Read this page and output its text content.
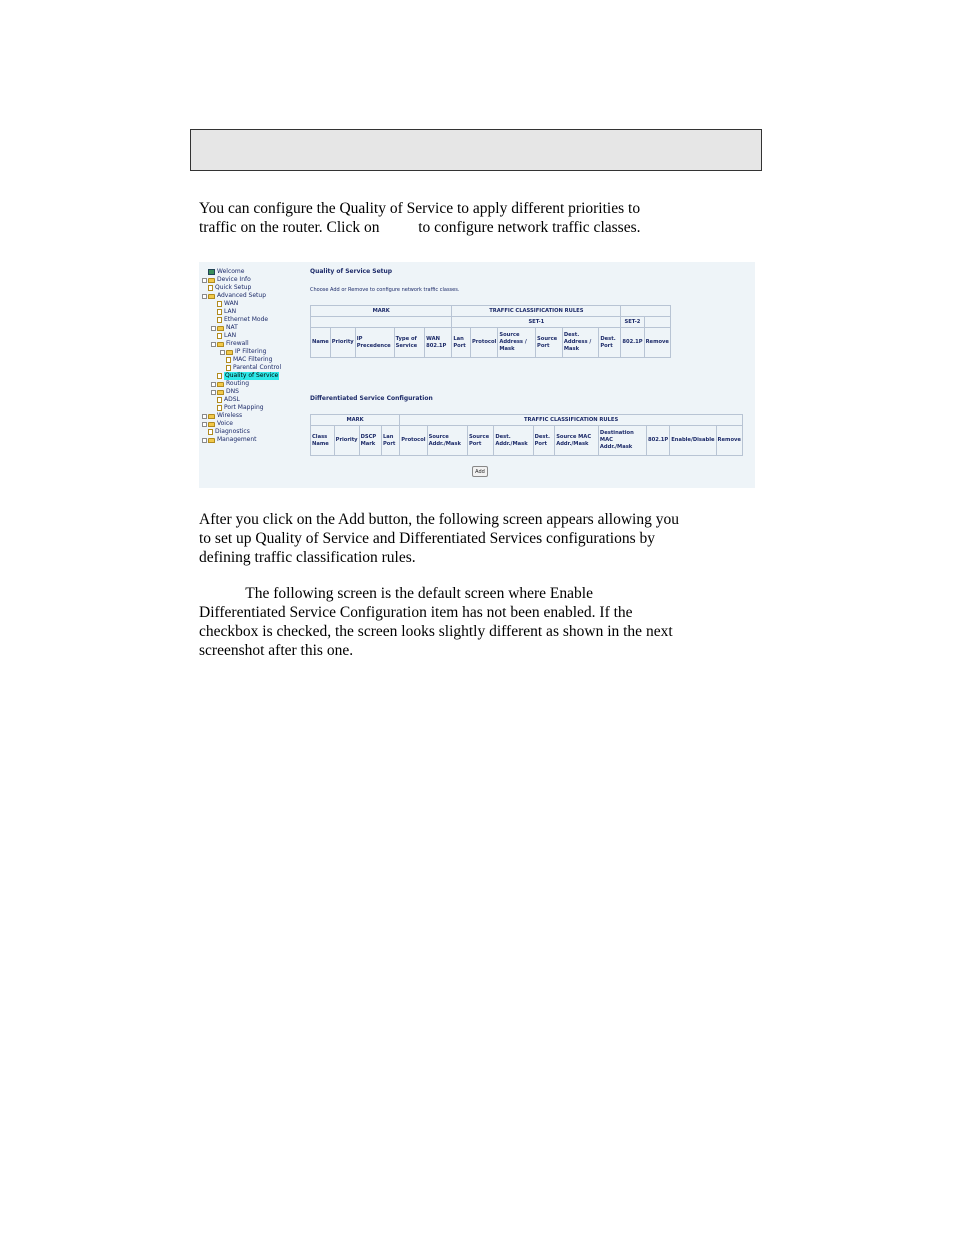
You can configure the Quality of Service to apply different priorities to
traffic on the router. Click on          to configure network traffic classes.

Welcome
Device Info
Quick Setup
Advanced Setup
WAN
LAN
Ethernet Mode
NAT
LAN
Firewall
IP Filtering
MAC Filtering
Parental Control
Quality of Service
Routing
DNS
ADSL
Port Mapping
Wireless
Voice
Diagnostics
Management
Quality of Service Setup
Choose Add or Remove to configure network traffic classes.
MARK					TRAFFIC CLASSIFICATION RULES							
					SET-1						SET-2	
Name	Priority	IP Precedence	Type of Service	WAN 802.1P	Lan Port	Protocol	Source Address / Mask	Source Port	Dest. Address / Mask	Dest. Port	802.1P	Remove
Differentiated Service Configuration
MARK				TRAFFIC CLASSIFICATION RULES									
Class Name	Priority	DSCP Mark	Lan Port	Protocol	Source Addr./Mask	Source Port	Dest. Addr./Mask	Dest. Port	Source MAC Addr./Mask	Destination MAC Addr./Mask	802.1P	Enable/Disable	Remove
Add

After you click on the Add button, the following screen appears allowing you
to set up Quality of Service and Differentiated Services configurations by
defining traffic classification rules.

The following screen is the default screen where Enable
Differentiated Service Configuration item has not been enabled. If the
checkbox is checked, the screen looks slightly different as shown in the next
screenshot after this one.
